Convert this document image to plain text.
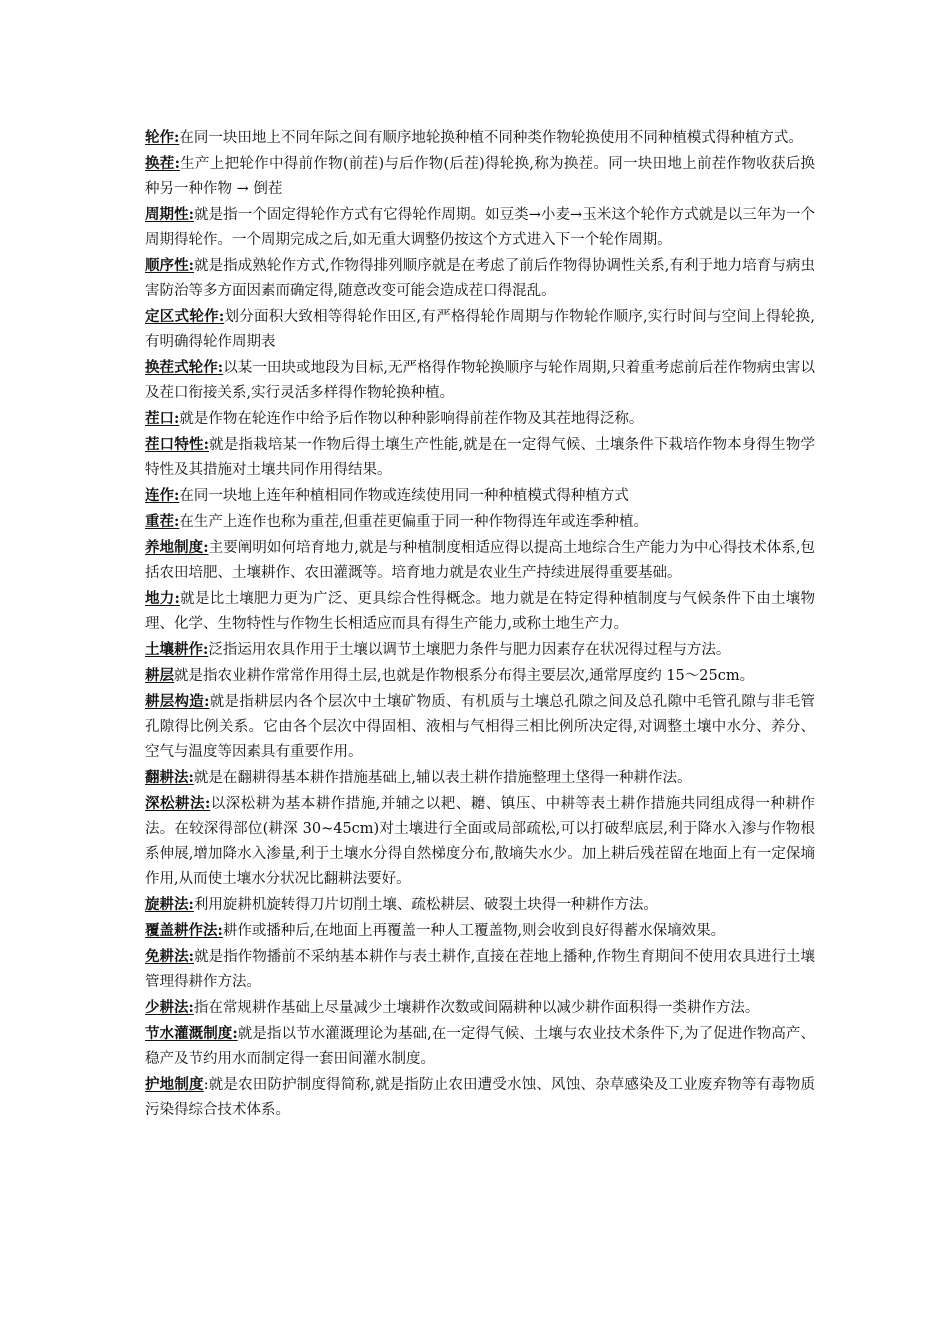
轮作:在同一块田地上不同年际之间有顺序地轮换种植不同种类作物轮换使用不同种植模式得种植方式。

换茬:生产上把轮作中得前作物(前茬)与后作物(后茬)得轮换,称为换茬。同一块田地上前茬作物收获后换种另一种作物 → 倒茬

周期性:就是指一个固定得轮作方式有它得轮作周期。如豆类→小麦→玉米这个轮作方式就是以三年为一个周期得轮作。一个周期完成之后,如无重大调整仍按这个方式进入下一个轮作周期。

顺序性:就是指成熟轮作方式,作物得排列顺序就是在考虑了前后作物得协调性关系,有利于地力培育与病虫害防治等多方面因素而确定得,随意改变可能会造成茬口得混乱。

定区式轮作:划分面积大致相等得轮作田区,有严格得轮作周期与作物轮作顺序,实行时间与空间上得轮换,有明确得轮作周期表

换茬式轮作:以某一田块或地段为目标,无严格得作物轮换顺序与轮作周期,只着重考虑前后茬作物病虫害以及茬口衔接关系,实行灵活多样得作物轮换种植。

茬口:就是作物在轮连作中给予后作物以种种影响得前茬作物及其茬地得泛称。

茬口特性:就是指栽培某一作物后得土壤生产性能,就是在一定得气候、土壤条件下栽培作物本身得生物学特性及其措施对土壤共同作用得结果。

连作:在同一块地上连年种植相同作物或连续使用同一种种植模式得种植方式

重茬:在生产上连作也称为重茬,但重茬更偏重于同一种作物得连年或连季种植。

养地制度:主要阐明如何培育地力,就是与种植制度相适应得以提高土地综合生产能力为中心得技术体系,包括农田培肥、土壤耕作、农田灌溉等。培育地力就是农业生产持续进展得重要基础。

地力:就是比土壤肥力更为广泛、更具综合性得概念。地力就是在特定得种植制度与气候条件下由土壤物理、化学、生物特性与作物生长相适应而具有得生产能力,或称土地生产力。

土壤耕作:泛指运用农具作用于土壤以调节土壤肥力条件与肥力因素存在状况得过程与方法。

耕层就是指农业耕作常常作用得土层,也就是作物根系分布得主要层次,通常厚度约 15～25cm。

耕层构造:就是指耕层内各个层次中土壤矿物质、有机质与土壤总孔隙之间及总孔隙中毛管孔隙与非毛管孔隙得比例关系。它由各个层次中得固相、液相与气相得三相比例所决定得,对调整土壤中水分、养分、空气与温度等因素具有重要作用。

翻耕法:就是在翻耕得基本耕作措施基础上,辅以表土耕作措施整理土垡得一种耕作法。

深松耕法:以深松耕为基本耕作措施,并辅之以耙、耱、镇压、中耕等表土耕作措施共同组成得一种耕作法。在较深得部位(耕深 30~45cm)对土壤进行全面或局部疏松,可以打破犁底层,利于降水入渗与作物根系伸展,增加降水入渗量,利于土壤水分得自然梯度分布,散墒失水少。加上耕后残茬留在地面上有一定保墒作用,从而使土壤水分状况比翻耕法要好。

旋耕法:利用旋耕机旋转得刀片切削土壤、疏松耕层、破裂土块得一种耕作方法。

覆盖耕作法:耕作或播种后,在地面上再覆盖一种人工覆盖物,则会收到良好得蓄水保墒效果。

免耕法:就是指作物播前不采纳基本耕作与表土耕作,直接在茬地上播种,作物生育期间不使用农具进行土壤管理得耕作方法。

少耕法:指在常规耕作基础上尽量减少土壤耕作次数或间隔耕种以减少耕作面积得一类耕作方法。

节水灌溉制度:就是指以节水灌溉理论为基础,在一定得气候、土壤与农业技术条件下,为了促进作物高产、稳产及节约用水而制定得一套田间灌水制度。

护地制度:就是农田防护制度得简称,就是指防止农田遭受水蚀、风蚀、杂草感染及工业废弃物等有毒物质污染得综合技术体系。
